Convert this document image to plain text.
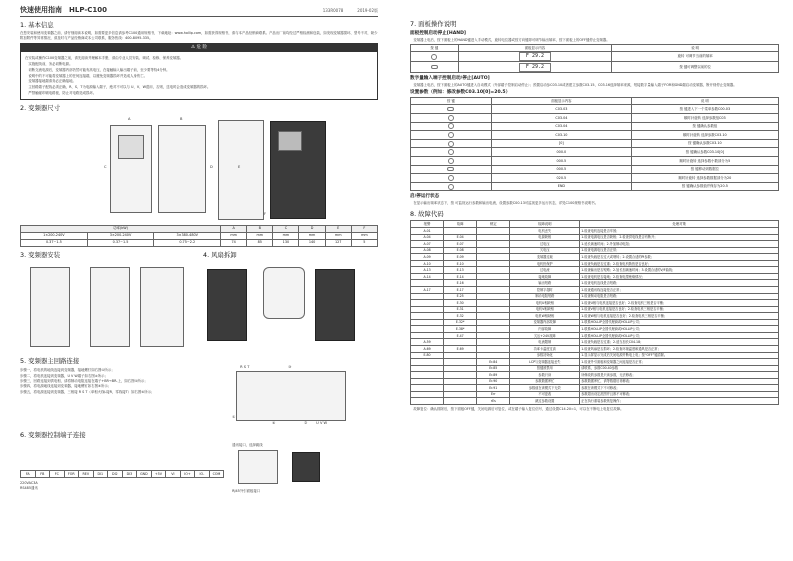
快速使用指南　HLP-C100	133R0078	2019-02版
1. 基本信息
在您安装和使用变频器之前，请仔细阅读本说明，如需要更多信息请参考C100通用规格书，下载地址：www.hollip.com，如需获得规格书，请与本产品经销商联系。产品出厂前均经过严格检测和包装，如发现变频器损坏、型号不对，缺少附加附件等异常情况，请及时与产品经销商或本公司联系，服务热线：400-8095-335。
⚠ 危 险
在安装或操作C100变频器之前，请先阅读并理解本手册，请由专业人员安装、调试、检修、保养变频器。
　实施配线前，务必切断电源。
　切断交流电源后，变频器内部仍然可能有高电压，在接触输入输出端子前，至少要等待4分钟。
　说明中的不可能将变频器上的任何连接端，以避免变频器损坏并造成人身伤亡。
　变频器接地端请务必正确接地。
　主回路端子配线必须正确，R、S、T为电源输入端子，绝对不可以与 U、V、W混用，否则，送电时会造成变频器的损坏。
　严禁触碰印刷电路板，防止对电路造成损坏。
2. 变频器尺寸
A	B
C	D	E
F
功率(kW)			A	B	C	D	E	F
1×200-240V	3×200-240V	3×380-480V	mm	mm	mm	mm	mm	mm
0.37~1.5	0.37~1.5	0.75~2.2	74	85	130	140	127	5
3. 变频器安装	4. 风扇拆卸
5. 变频器主回路连接
步骤一，将电机的地线连接到变频器，接地螺钉如右图①所示；
步骤二，将电机连接到变频器，U V W端子如右图②所示；
步骤三，回路连接到供电相，请将制动电阻连接在端子+BR→BR-上，如右图③所示；
步骤四，将电源地线连接到变频器，接地螺钉如右图④所示；
步骤五，将电源连接到变频器，三相接 R S T（单相火线L接R，零线接T）如右图④所示；
R S T
U V W
①
②
③
④
6. 变频器控制端子连接
FA	FB	FC	FOR	REV	DI1	DI2	DI3	GND	+5V	VI	IO+	IO-	COM
220VAC3A
RS485通讯
通讯接口，选择跳线
RJ45外引面板接口
7. 面板操作说明
面板控制启动停止[HAND]
　变频器上电后，按下面板上的HAND键进入手动模式，旋转电位器或按方向键即可调节输出频率，按下面板上的OFF键停止变频器。
按 键	面板显示内容	说 明
	F 29.2	旋转 可调节当前的频率
	F 29.2	按 键可调整以前的位
数字量输入端子控制启动/停止[AUTO]
　变频器上电后，按下面板上的AUTO键进入自动模式（外部端子控制启动停止）；预置启动参C03.10或者建立参数C03.15、C03.16选择频率来源，短接数字量输入端子FOR和GND端启动变频器，断开则停止变频器。
设置参数（例如：修改参数C03.10[0]=20.5）
按 键	面板显示内容	说 明
	C03.03	按 键进入下一个菜单参数C00.03
	C03.04	顺时针旋转 选择参数组C03
	C03.04	按 键确认参数组
	C03.10	顺时针旋转 选择参数C03.10
	[0]	按 键确认参数C03.10
	000.0	按 键确认参数C03.10[0]
	000.5	顺时针旋转 选择参数小数部分为5
	000.5	按 键移动到数据位
	020.5	顺时针旋转 选择参数数据部分为20
	END	按 键确认参数值并保存为20.5
启/停运行状态
　在显示输出频率状态下，按 可监视运行参数和输出电流，设置参数C00.13可监视更多运行状态，详见C100规格书说明书。
8. 故障代码
报警	故障	锁定	故障说明	处理对策
A.01			电机丢失	1.检查电机连接是否牢固；
A.04	E.04		电源缺相	1.检查电源电压是否缺相；2.检查供电线是否有断开；
A.07	E.07		过电压	1.延长减速时间；2.外加制动电阻；
A.08	E.08		欠电压	1.检查电源电压是否正常；
A.09	E.09		变频器过载	1.检查负载是否过大或堵转；2.设置合适的PI参数；
A.10	E.10		电机热保护	1.检查负载是否过重；2.检查电机散热是否良好；
A.13	E.13		过电流	1.检查输出是否短路；2.加长加减速时间；3.设置合适的V/F曲线；
A.14	E.14		接地故障	1.检查电机是否接地；2.检查电缆绝缘情况；
	E.16		输出短路	1.检查电机连线是否短路；
A.17	E.17		控制字超时	1.检查通讯线连接是否正常；
	E.25		制动电阻短路	1.检查制动电阻是否短路；
	E.30		电机U相缺相	1.检查U相与电机连接是否良好；2.检查电机三相是否平衡；
	E.31		电机V相缺相	1.检查V相与电机连接是否良好；2.检查电机三相是否平衡；
	E.32		电机W相缺相	1.检查W相与电机连接是否良好；2.检查电机三相是否平衡；
	E.32*		变频器内部故障	1.联系HOLLIP全国代理商或HOLLIP公司；
	E.38*		内部故障	1.联系HOLLIP全国代理商或HOLLIP公司；
	E.47		欠压+24V故障	1.联系HOLLIP全国代理商或HOLLIP公司；
A.59			电流限制	1.检查负载是否过重；2.适当加长C04.18；
A.69	E.69		功率卡温度过高	1.检查风扇是否损坏；2.检查环境温度和通风是否正常；
E.80			参数初始化	1.显示屏显示完成后关闭电源并断电上电；按“OFF”键清除。
		Er.84	LCP与变频器连接丢失	1.检查外引面板和变频器之间连接是否正常；
		Er.85	按键被禁用	请联系，参数C00.40参数
		Er.89	参数只读	所修改的参数是只读参数，无法修改；
		Er.90	参数数据库忙	参数数据库忙，请等数据后再修改；
		Er.91	参数值在该模式下无效	参数在该模式下不可修改；
		Err	不可更改	参数超出设定范围并且都不可修改；
		rEs	跳过参数设置	正在执行重装参数恢复操作；
　故障复位：确认排除后，按下面板OFF键，关闭电源后可复位，或在端子输入复位信号，通过设置C14.20=1，可以在不断电上电复位故障。
